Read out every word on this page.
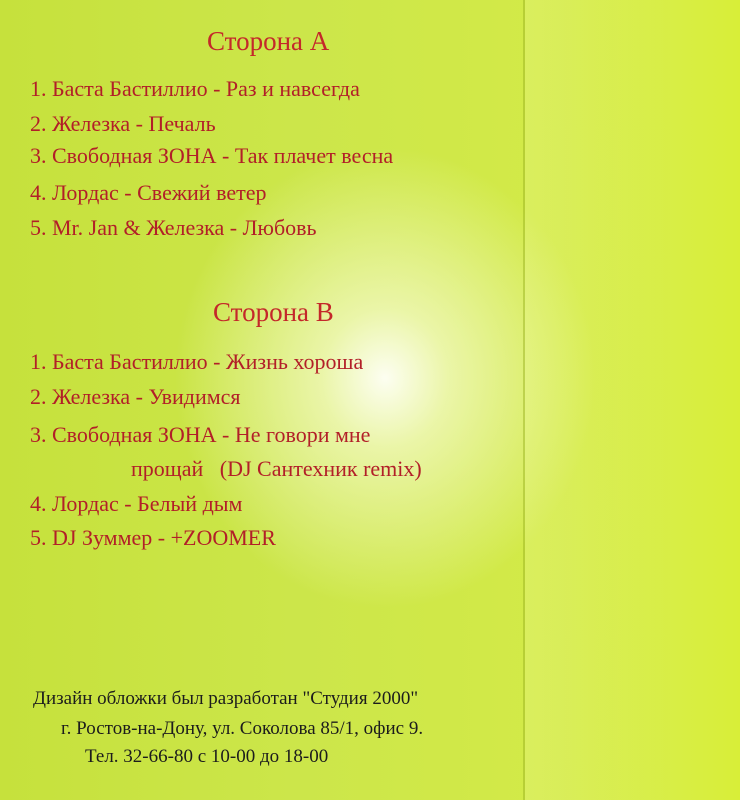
Сторона А
1. Баста Бастиллио - Раз и навсегда
2. Железка - Печаль
3. Свободная ЗОНА - Так плачет весна
4. Лордас - Свежий ветер
5. Mr. Jan & Железка - Любовь
Сторона В
1. Баста Бастиллио - Жизнь хороша
2. Железка - Увидимся
3. Свободная ЗОНА - Не говори мне
прощай   (DJ Сантехник remix)
4. Лордас - Белый дым
5. DJ Зуммер - +ZOOMER
Дизайн обложки был разработан "Студия 2000"
г. Ростов-на-Дону, ул. Соколова 85/1, офис 9.
Тел. 32-66-80 с 10-00 до 18-00
